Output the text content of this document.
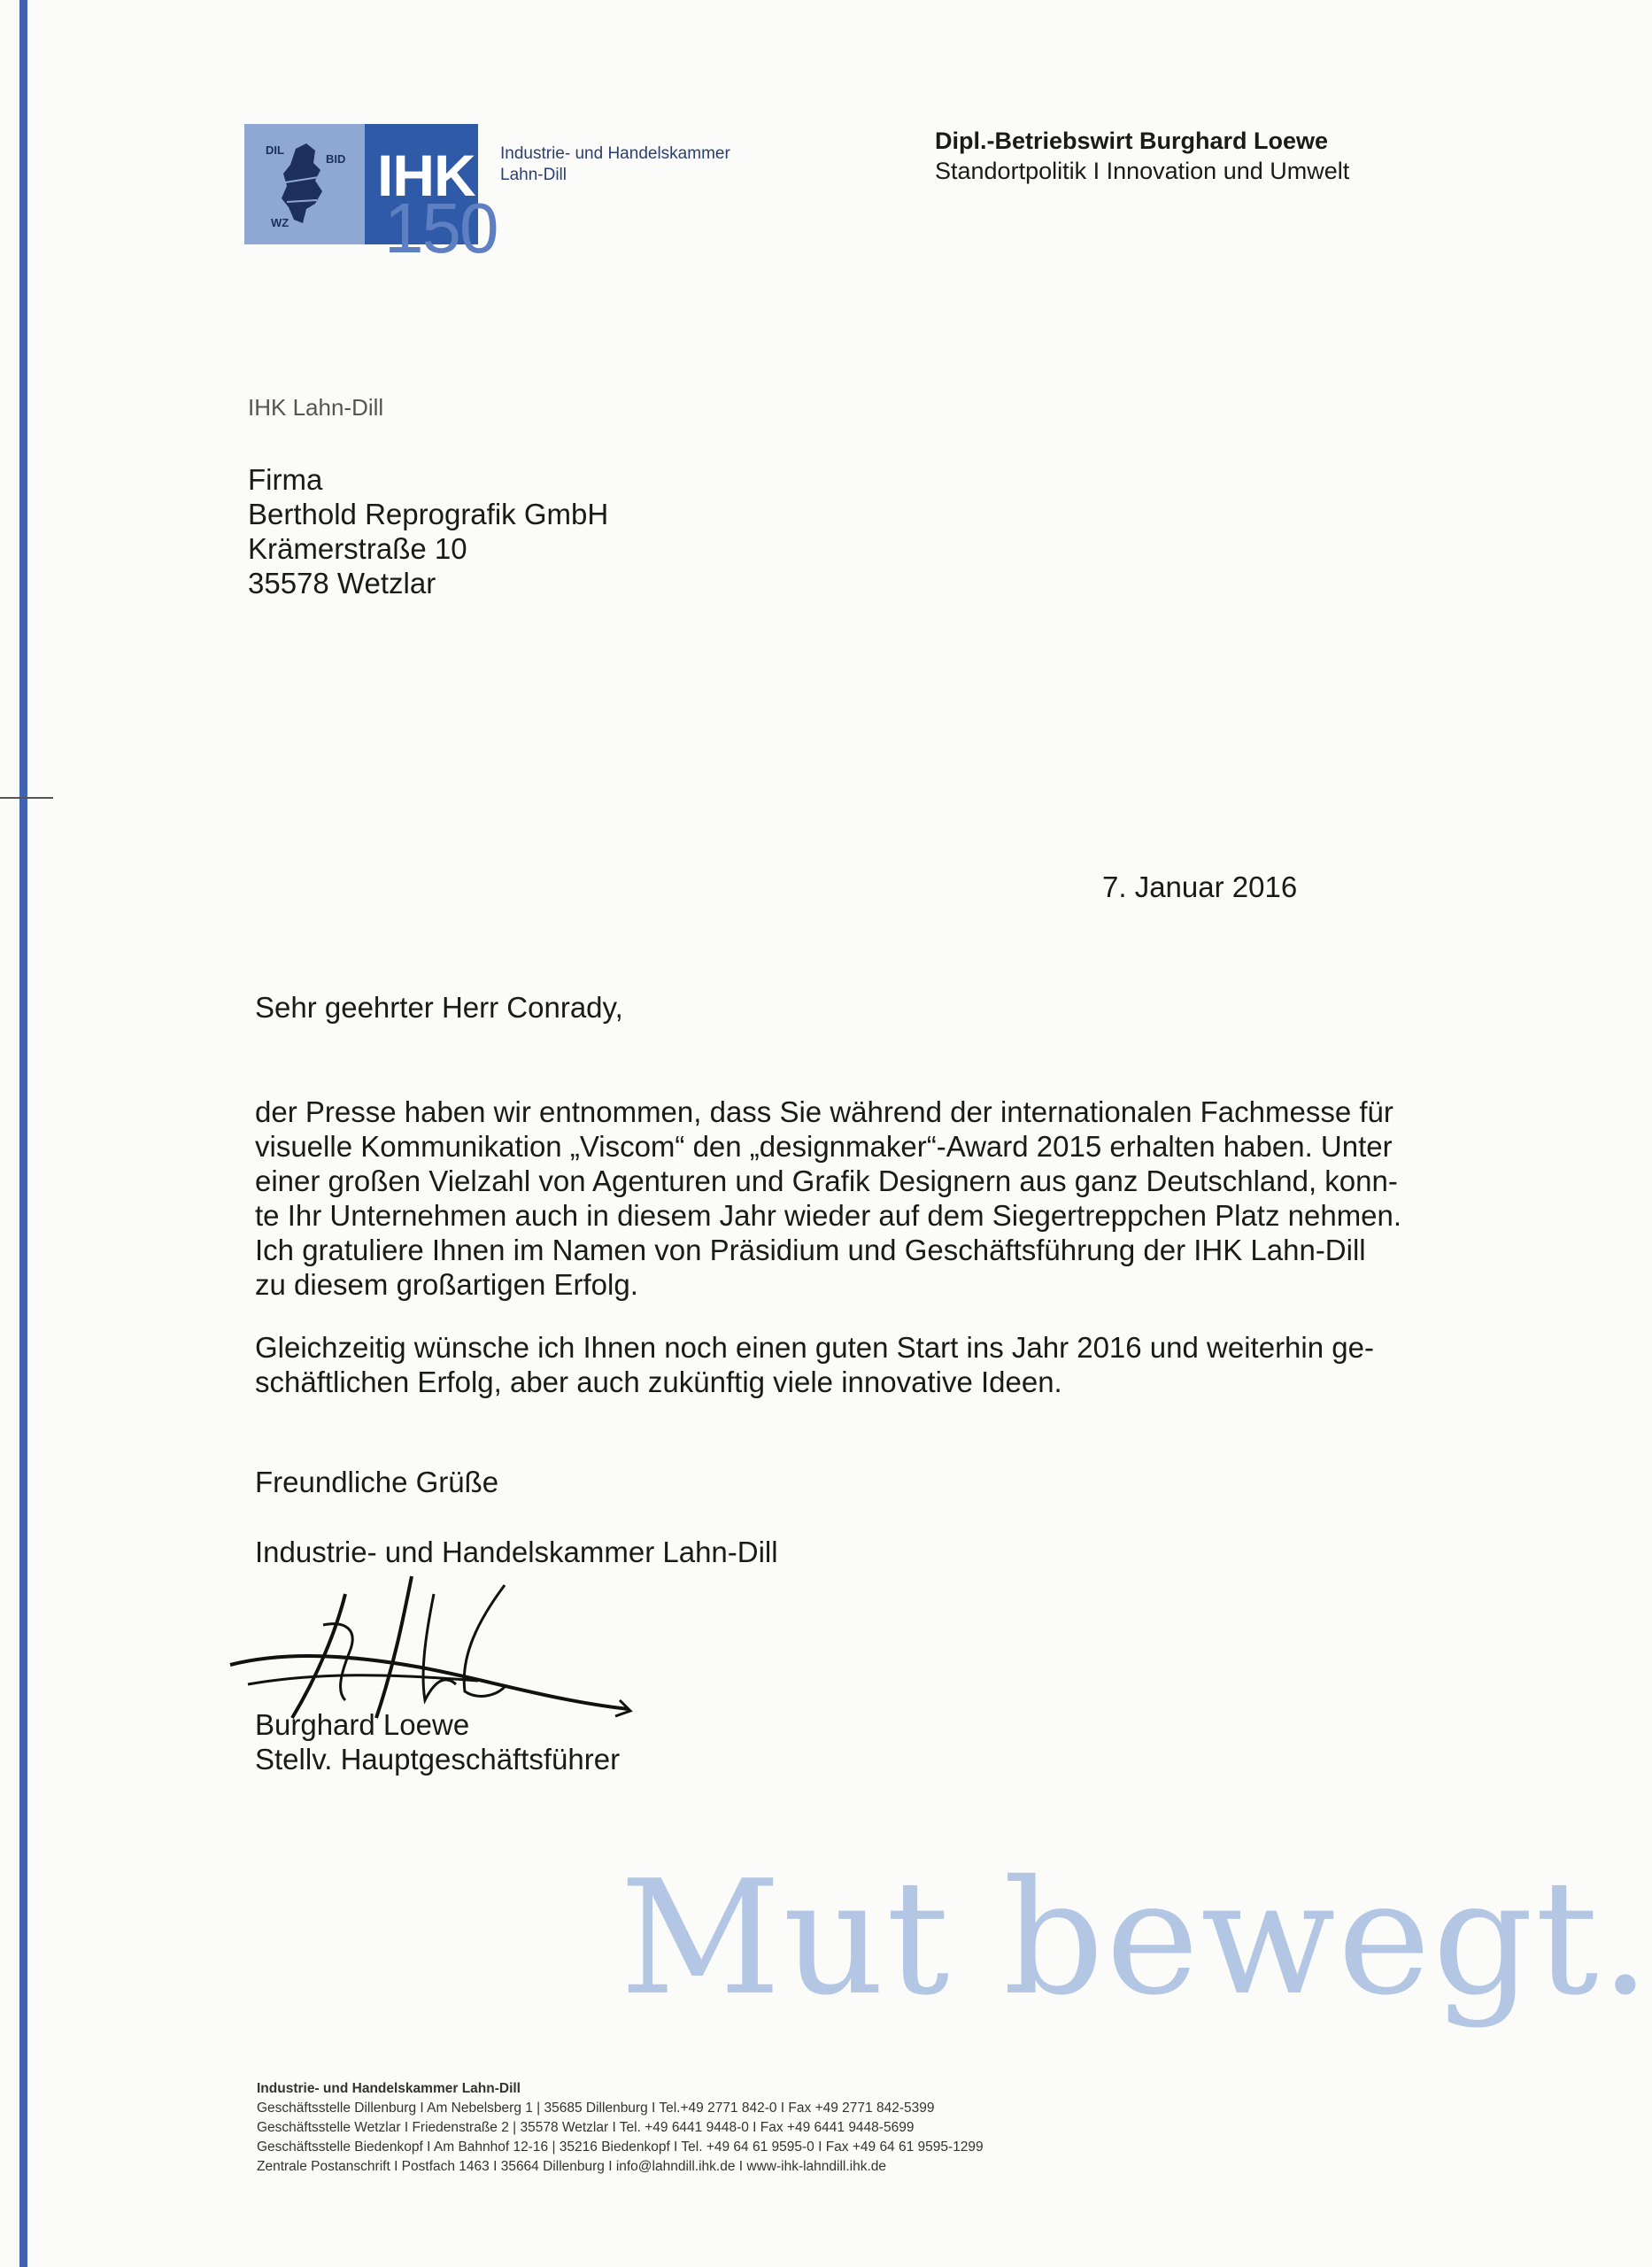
DIL
BID
WZ 150
IHK Industrie- und Handelskammer
Lahn-Dill
Dipl.-Betriebswirt Burghard Loewe
Standortpolitik I Innovation und Umwelt
IHK Lahn-Dill
Firma
Berthold Reprografik GmbH
Krämerstraße 10
35578 Wetzlar
7. Januar 2016
Sehr geehrter Herr Conrady,
der Presse haben wir entnommen, dass Sie während der internationalen Fachmesse für
visuelle Kommunikation „Viscom“ den „designmaker“-Award 2015 erhalten haben. Unter
einer großen Vielzahl von Agenturen und Grafik Designern aus ganz Deutschland, konn-
te Ihr Unternehmen auch in diesem Jahr wieder auf dem Siegertreppchen Platz nehmen.
Ich gratuliere Ihnen im Namen von Präsidium und Geschäftsführung der IHK Lahn-Dill
zu diesem großartigen Erfolg.
Gleichzeitig wünsche ich Ihnen noch einen guten Start ins Jahr 2016 und weiterhin ge-
schäftlichen Erfolg, aber auch zukünftig viele innovative Ideen.
Freundliche Grüße
Industrie- und Handelskammer Lahn-Dill
Burghard Loewe
Stellv. Hauptgeschäftsführer
Mut bewegt.
Industrie- und Handelskammer Lahn-Dill
Geschäftsstelle Dillenburg I Am Nebelsberg 1 | 35685 Dillenburg I Tel.+49 2771 842-0 I Fax +49 2771 842-5399
Geschäftsstelle Wetzlar I Friedenstraße 2 | 35578 Wetzlar I Tel. +49 6441 9448-0 I Fax +49 6441 9448-5699
Geschäftsstelle Biedenkopf I Am Bahnhof 12-16 | 35216 Biedenkopf I Tel. +49 64 61 9595-0 I Fax +49 64 61 9595-1299
Zentrale Postanschrift I Postfach 1463 I 35664 Dillenburg I info@lahndill.ihk.de I www-ihk-lahndill.ihk.de
